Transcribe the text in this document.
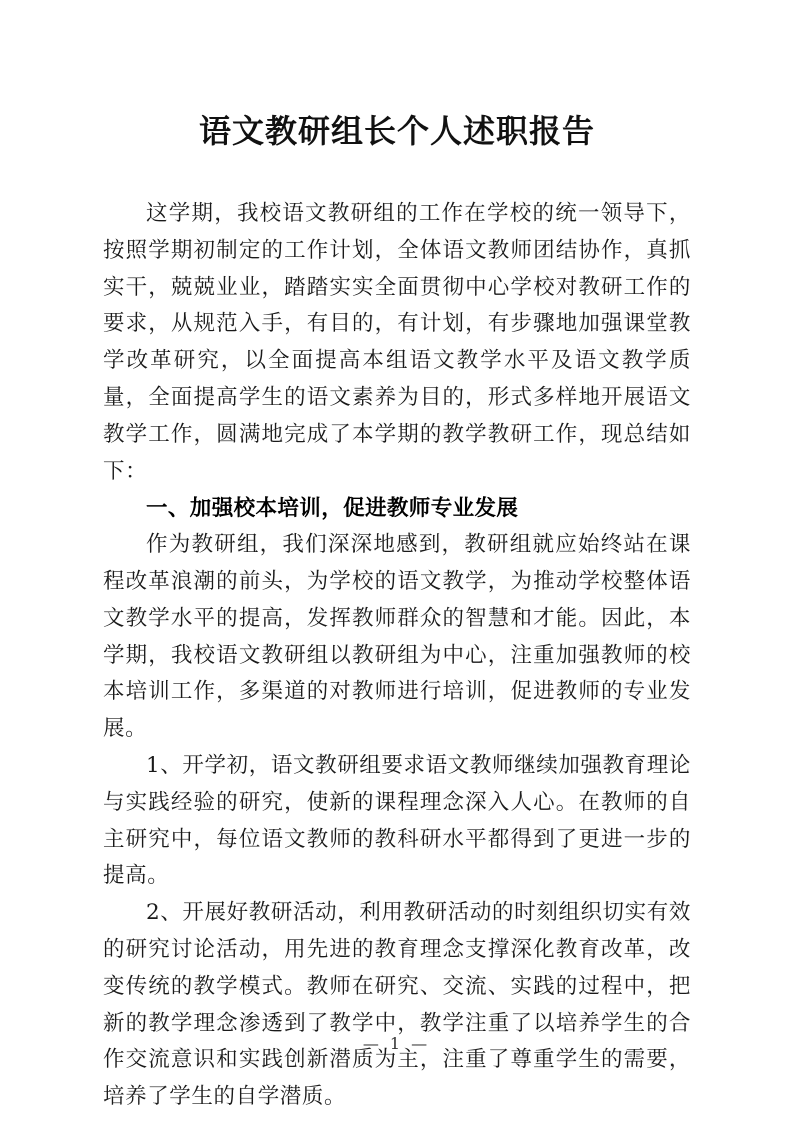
语文教研组长个人述职报告

这学期，我校语文教研组的工作在学校的统一领导下，按照学期初制定的工作计划，全体语文教师团结协作，真抓实干，兢兢业业，踏踏实实全面贯彻中心学校对教研工作的要求，从规范入手，有目的，有计划，有步骤地加强课堂教学改革研究，以全面提高本组语文教学水平及语文教学质量，全面提高学生的语文素养为目的，形式多样地开展语文教学工作，圆满地完成了本学期的教学教研工作，现总结如下：

一、加强校本培训，促进教师专业发展

作为教研组，我们深深地感到，教研组就应始终站在课程改革浪潮的前头，为学校的语文教学，为推动学校整体语文教学水平的提高，发挥教师群众的智慧和才能。因此，本学期，我校语文教研组以教研组为中心，注重加强教师的校本培训工作，多渠道的对教师进行培训，促进教师的专业发展。

1、开学初，语文教研组要求语文教师继续加强教育理论与实践经验的研究，使新的课程理念深入人心。在教师的自主研究中，每位语文教师的教科研水平都得到了更进一步的提高。

2、开展好教研活动，利用教研活动的时刻组织切实有效的研究讨论活动，用先进的教育理念支撑深化教育改革，改变传统的教学模式。教师在研究、交流、实践的过程中，把新的教学理念渗透到了教学中，教学注重了以培养学生的合作交流意识和实践创新潜质为主，注重了尊重学生的需要，培养了学生的自学潜质。

— 1 —
